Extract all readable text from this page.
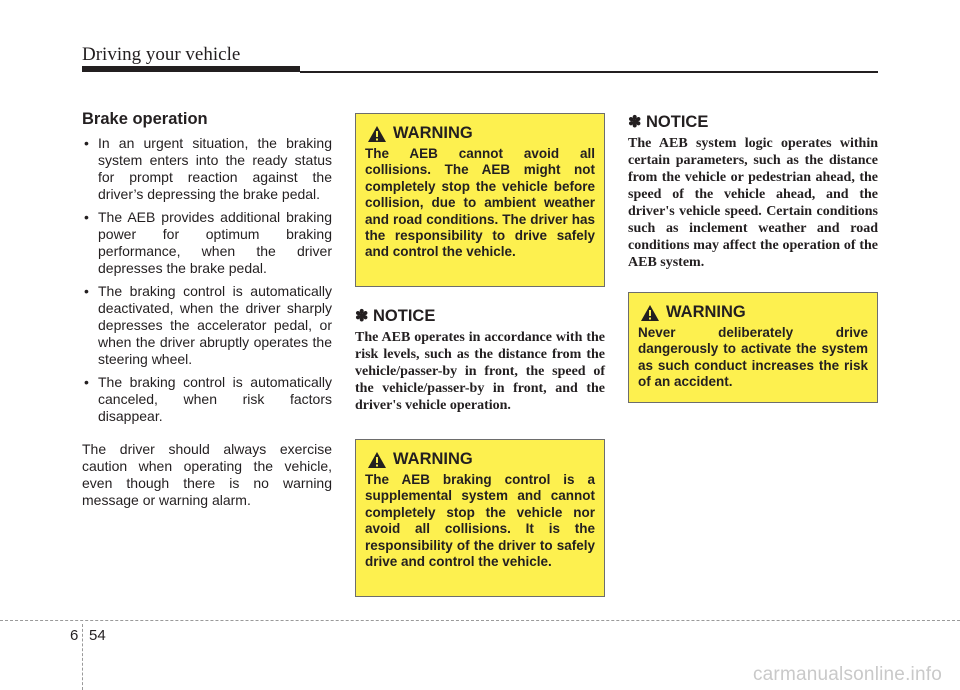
Driving your vehicle
Brake operation
• In an urgent situation, the braking system enters into the ready status for prompt reaction against the driver’s depressing the brake pedal.
• The AEB provides additional braking power for optimum braking performance, when the driver depresses the brake pedal.
• The braking control is automatically deactivated, when the driver sharply depresses the accelerator pedal, or when the driver abruptly operates the steering wheel.
• The braking control is automatically canceled, when risk factors disappear.

The driver should always exercise caution when operating the vehicle, even though there is no warning message or warning alarm.

WARNING
The AEB cannot avoid all collisions. The AEB might not completely stop the vehicle before collision, due to ambient weather and road conditions. The driver has the responsibility to drive safely and control the vehicle.
✽ NOTICE
The AEB operates in accordance with the risk levels, such as the distance from the vehicle/passer-by in front, the speed of the vehicle/passer-by in front, and the driver's vehicle operation.
WARNING
The AEB braking control is a supplemental system and cannot completely stop the vehicle nor avoid all collisions. It is the responsibility of the driver to safely drive and control the vehicle.
✽ NOTICE
The AEB system logic operates within certain parameters, such as the distance from the vehicle or pedestrian ahead, the speed of the vehicle ahead, and the driver's vehicle speed. Certain conditions such as inclement weather and road conditions may affect the operation of the AEB system.
WARNING
Never deliberately drive dangerously to activate the system as such conduct increases the risk of an accident.
6 54
carmanualsonline.info
